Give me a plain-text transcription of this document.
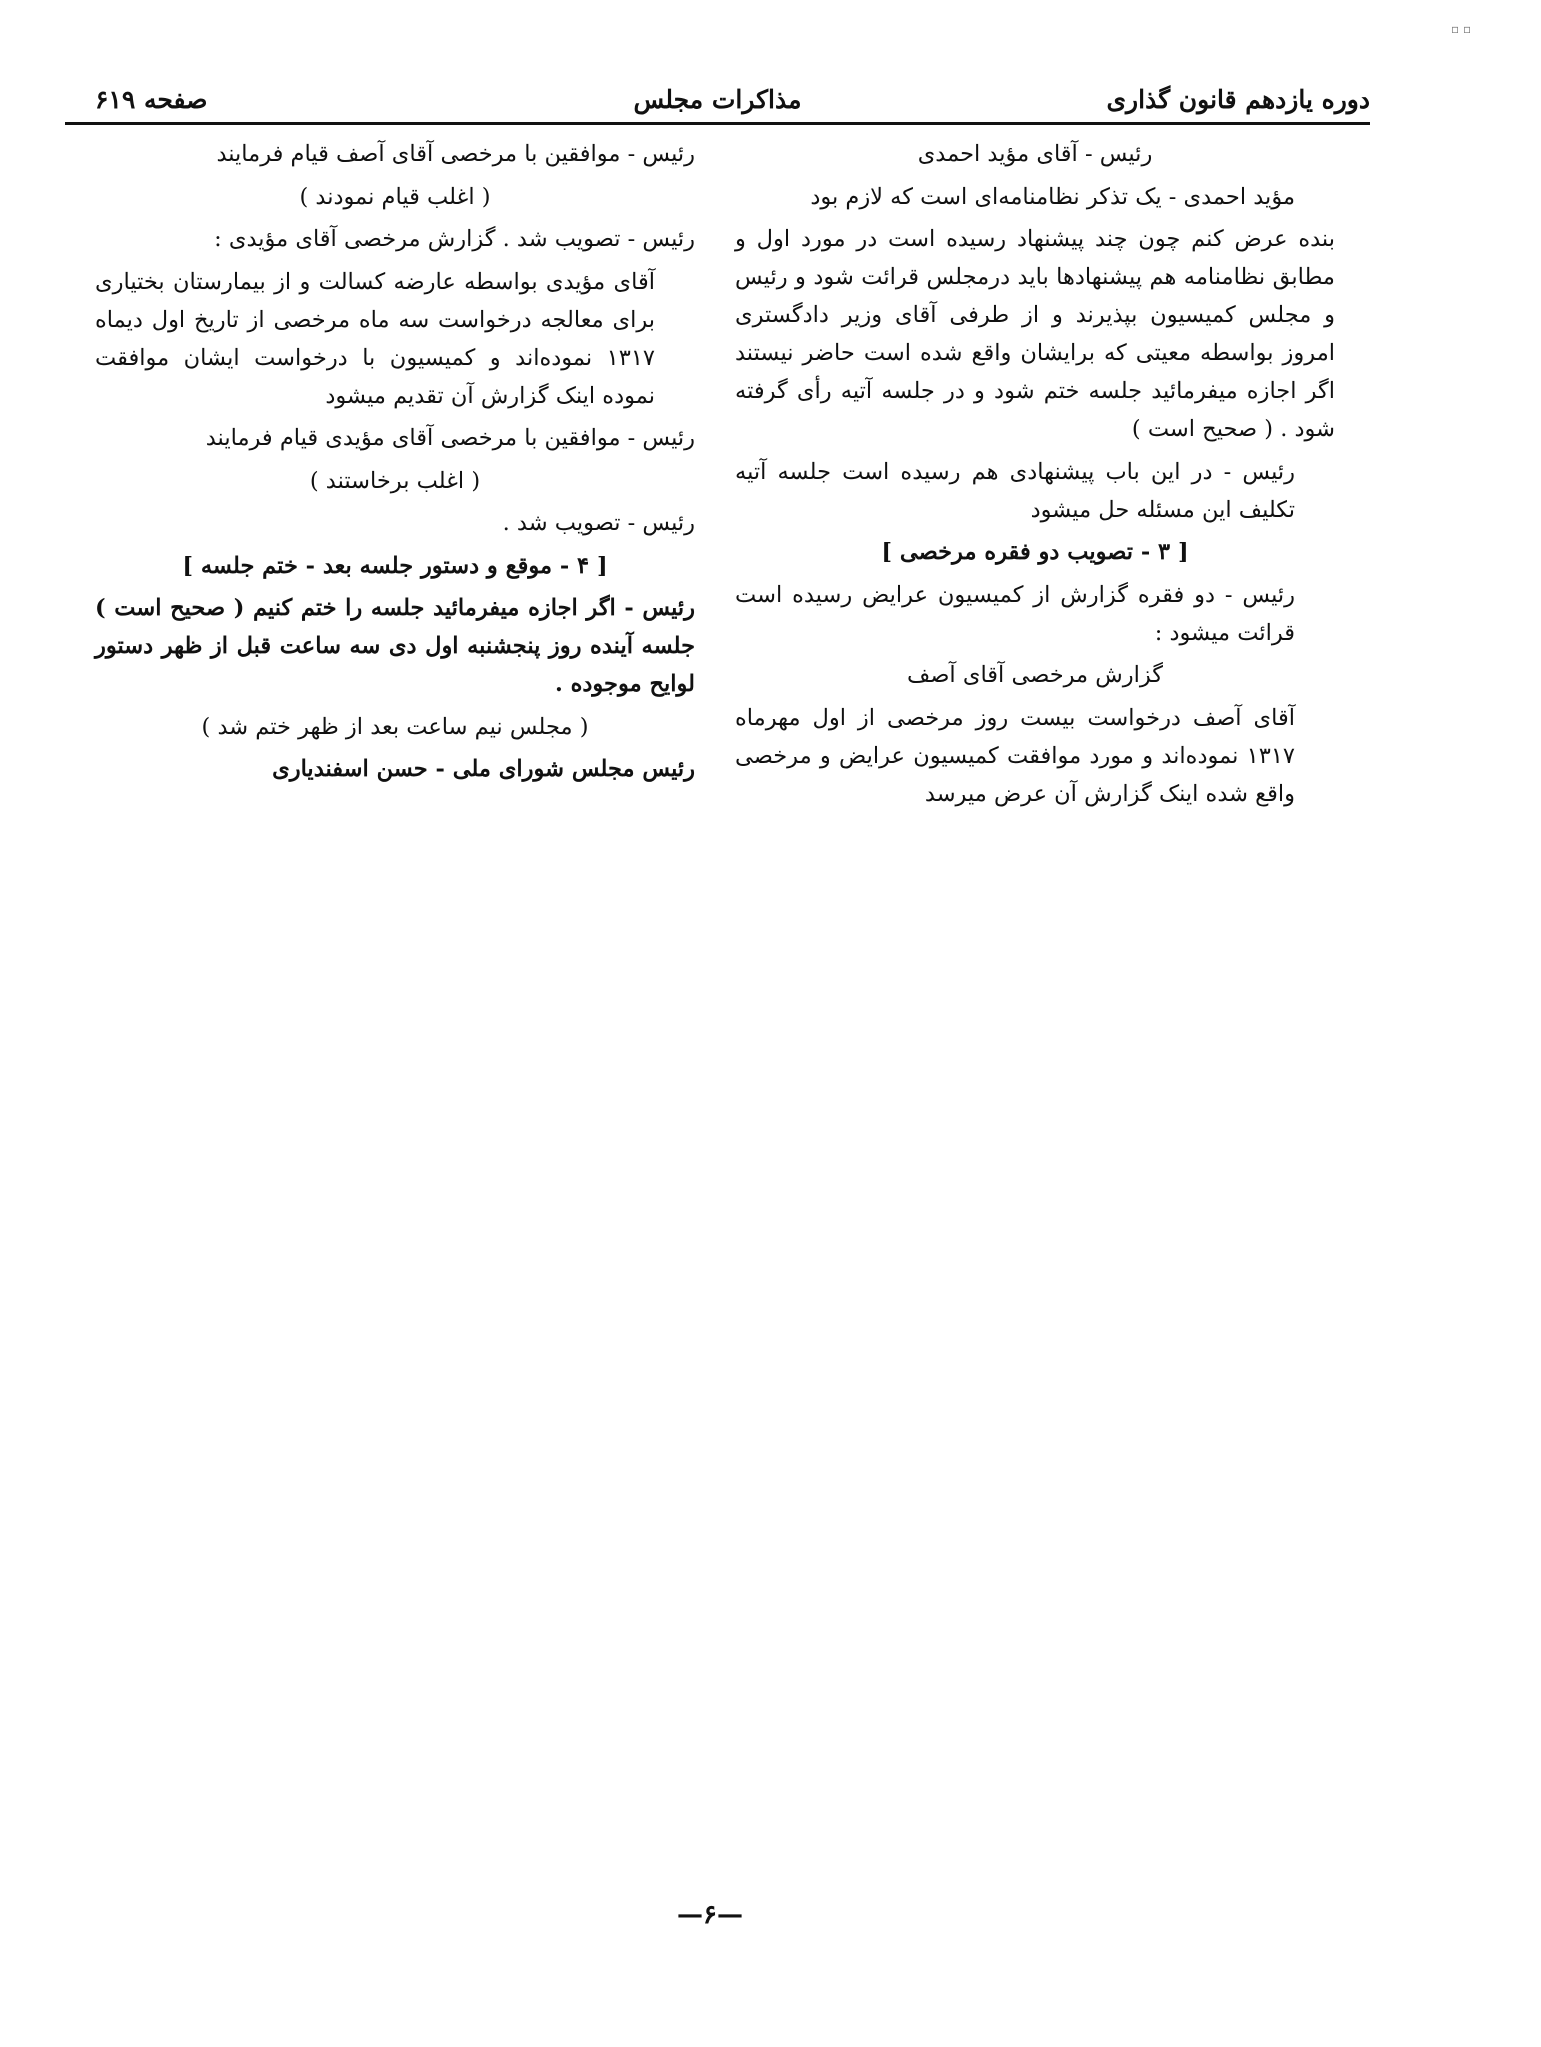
▫ ▫
دوره یازدهم قانون گذاری
مذاکرات مجلس
صفحه ۶۱۹

رئیس - آقای مؤید احمدی

مؤید احمدی - یک تذکر نظامنامه‌ای است که لازم بود

بنده عرض کنم چون چند پیشنهاد رسیده است در مورد اول و مطابق نظامنامه هم پیشنهادها باید درمجلس قرائت شود و رئیس و مجلس کمیسیون بپذیرند و از طرفی آقای وزیر دادگستری امروز بواسطه معیتی که برایشان واقع شده است حاضر نیستند اگر اجازه میفرمائید جلسه ختم شود و در جلسه آتیه رأی گرفته شود . ( صحیح است )

رئیس - در این باب پیشنهادی هم رسیده است جلسه آتیه تکلیف این مسئله حل میشود

[ ۳ - تصویب دو فقره مرخصی ]

رئیس - دو فقره گزارش از کمیسیون عرایض رسیده است قرائت میشود :

گزارش مرخصی آقای آصف

آقای آصف درخواست بیست روز مرخصی از اول مهرماه ۱۳۱۷ نموده‌اند و مورد موافقت کمیسیون عرایض و مرخصی واقع شده اینک گزارش آن عرض میرسد

رئیس - موافقین با مرخصی آقای آصف قیام فرمایند

( اغلب قیام نمودند )

رئیس - تصویب شد . گزارش مرخصی آقای مؤیدی :

آقای مؤیدی بواسطه عارضه کسالت و از بیمارستان بختیاری برای معالجه درخواست سه ماه مرخصی از تاریخ اول دیماه ۱۳۱۷ نموده‌اند و کمیسیون با درخواست ایشان موافقت نموده اینک گزارش آن تقدیم میشود

رئیس - موافقین با مرخصی آقای مؤیدی قیام فرمایند

( اغلب برخاستند )

رئیس - تصویب شد .

[ ۴ - موقع و دستور جلسه بعد - ختم جلسه ]

رئیس - اگر اجازه میفرمائید جلسه را ختم کنیم ( صحیح است ) جلسه آینده روز پنجشنبه اول دی سه ساعت قبل از ظهر دستور لوایح موجوده .

( مجلس نیم ساعت بعد از ظهر ختم شد )

رئیس مجلس شورای ملی - حسن اسفندیاری

—۶—
